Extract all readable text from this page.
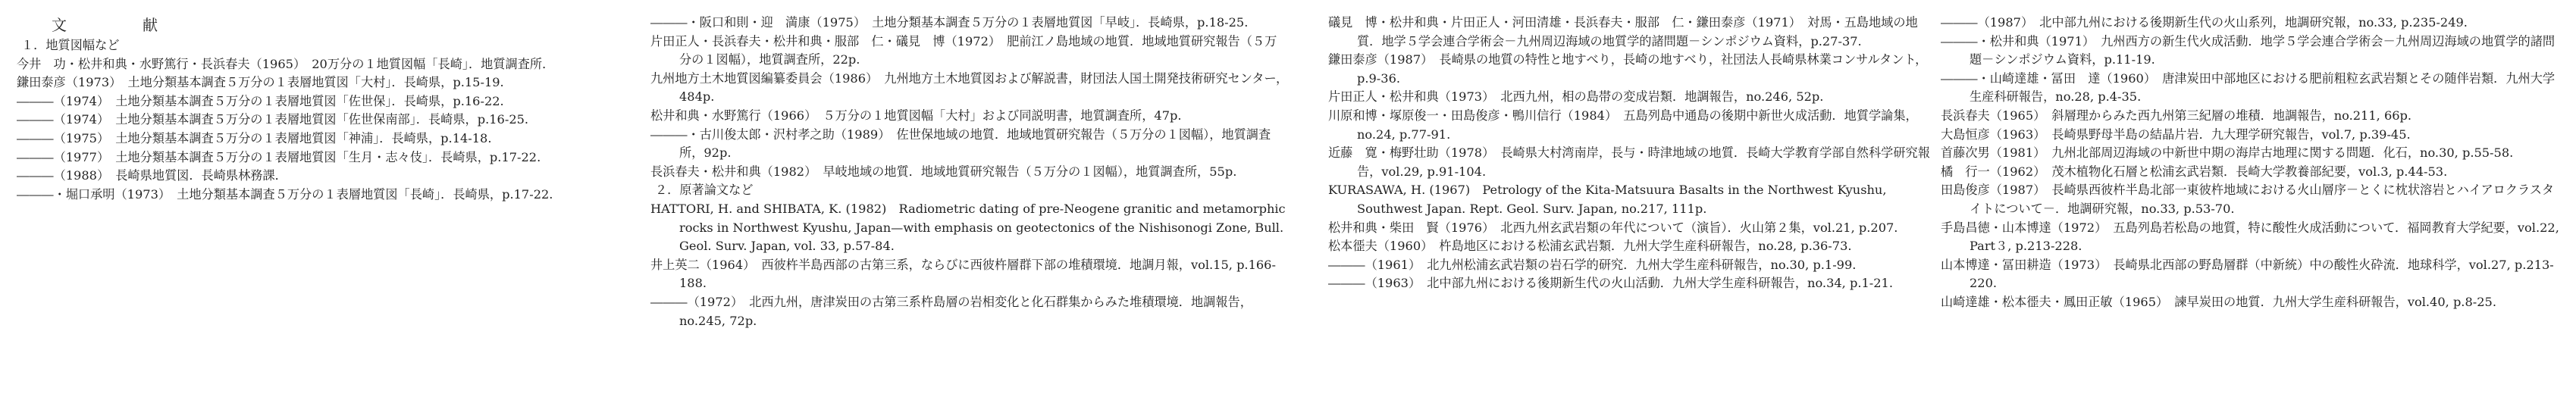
文　献
１．地質図幅など
今井　功・松井和典・水野篤行・長浜春夫（1965）　20万分の１地質図幅「長崎」．地質調査所．
鎌田泰彦（1973）　土地分類基本調査５万分の１表層地質図「大村」．長崎県，p.15-19.
―――（1974）　土地分類基本調査５万分の１表層地質図「佐世保」．長崎県，p.16-22.
―――（1974）　土地分類基本調査５万分の１表層地質図「佐世保南部」．長崎県，p.16-25.
―――（1975）　土地分類基本調査５万分の１表層地質図「神浦」．長崎県，p.14-18.
―――（1977）　土地分類基本調査５万分の１表層地質図「生月・志々伎」．長崎県，p.17-22.
―――（1988）　長崎県地質図．長崎県林務課．
―――・堀口承明（1973）　土地分類基本調査５万分の１表層地質図「長崎」．長崎県，p.17-22.
―――・阪口和則・迎　満康（1975）　土地分類基本調査５万分の１表層地質図「早岐」．長崎県，p.18-25.
片田正人・長浜春夫・松井和典・服部　仁・礒見　博（1972）　肥前江ノ島地域の地質．地域地質研究報告（５万分の１図幅），地質調査所，22p.
九州地方土木地質図編纂委員会（1986）　九州地方土木地質図および解説書，財団法人国土開発技術研究センター，484p.
松井和典・水野篤行（1966）　５万分の１地質図幅「大村」および同説明書，地質調査所，47p.
―――・古川俊太郎・沢村孝之助（1989）　佐世保地域の地質．地域地質研究報告（５万分の１図幅），地質調査所，92p.
長浜春夫・松井和典（1982）　早岐地域の地質．地域地質研究報告（５万分の１図幅），地質調査所，55p.
２．原著論文など
HATTORI, H. and SHIBATA, K. (1982)　Radiometric dating of pre-Neogene granitic and metamorphic rocks in Northwest Kyushu, Japan—with emphasis on geotectonics of the Nishisonogi Zone, Bull. Geol. Surv. Japan, vol. 33, p.57-84.
井上英二（1964）　西彼杵半島西部の古第三系，ならびに西彼杵層群下部の堆積環境．地調月報，vol.15, p.166-188.
―――（1972）　北西九州，唐津炭田の古第三系杵島層の岩相変化と化石群集からみた堆積環境．地調報告，no.245, 72p.
礒見　博・松井和典・片田正人・河田清雄・長浜春夫・服部　仁・鎌田泰彦（1971）　対馬・五島地域の地質．地学５学会連合学術会－九州周辺海域の地質学的諸問題－シンポジウム資料，p.27-37.
鎌田泰彦（1987）　長崎県の地質の特性と地すべり，長崎の地すべり，社団法人長崎県林業コンサルタント，p.9-36.
片田正人・松井和典（1973）　北西九州，相の島帯の変成岩類．地調報告，no.246, 52p.
川原和博・塚原俊一・田島俊彦・鴨川信行（1984）　五島列島中通島の後期中新世火成活動．地質学論集，no.24, p.77-91.
近藤　寛・梅野壮助（1978）　長崎県大村湾南岸，長与・時津地域の地質．長崎大学教育学部自然科学研究報告，vol.29, p.91-104.
KURASAWA, H. (1967)　Petrology of the Kita-Matsuura Basalts in the Northwest Kyushu, Southwest Japan. Rept. Geol. Surv. Japan, no.217, 111p.
松井和典・柴田　賢（1976）　北西九州玄武岩類の年代について（演旨）．火山第２集，vol.21, p.207.
松本徰夫（1960）　杵島地区における松浦玄武岩類．九州大学生産科研報告，no.28, p.36-73.
―――（1961）　北九州松浦玄武岩類の岩石学的研究．九州大学生産科研報告，no.30, p.1-99.
―――（1963）　北中部九州における後期新生代の火山活動．九州大学生産科研報告，no.34, p.1-21.
―――（1987）　北中部九州における後期新生代の火山系列，地調研究報，no.33, p.235-249.
―――・松井和典（1971）　九州西方の新生代火成活動．地学５学会連合学術会－九州周辺海域の地質学的諸問題－シンポジウム資料，p.11-19.
―――・山崎達雄・冨田　達（1960）　唐津炭田中部地区における肥前粗粒玄武岩類とその随伴岩類．九州大学生産科研報告，no.28, p.4-35.
長浜春夫（1965）　斜層理からみた西九州第三紀層の堆積．地調報告，no.211, 66p.
大島恒彦（1963）　長崎県野母半島の結晶片岩．九大理学研究報告，vol.7, p.39-45.
首藤次男（1981）　九州北部周辺海域の中新世中期の海岸古地理に関する問題．化石，no.30, p.55-58.
橘　行一（1962）　茂木植物化石層と松浦玄武岩類．長崎大学教養部紀要，vol.3, p.44-53.
田島俊彦（1987）　長崎県西彼杵半島北部一東彼杵地域における火山層序－とくに枕状溶岩とハイアロクラスタイトについて－．地調研究報，no.33, p.53-70.
手島昌徳・山本博達（1972）　五島列島若松島の地質，特に酸性火成活動について．福岡教育大学紀要，vol.22, Part３, p.213-228.
山本博達・冨田耕造（1973）　長崎県北西部の野島層群（中新統）中の酸性火砕流．地球科学，vol.27, p.213-220.
山崎達雄・松本徰夫・鳳田正敏（1965）　諫早炭田の地質．九州大学生産科研報告，vol.40, p.8-25.
